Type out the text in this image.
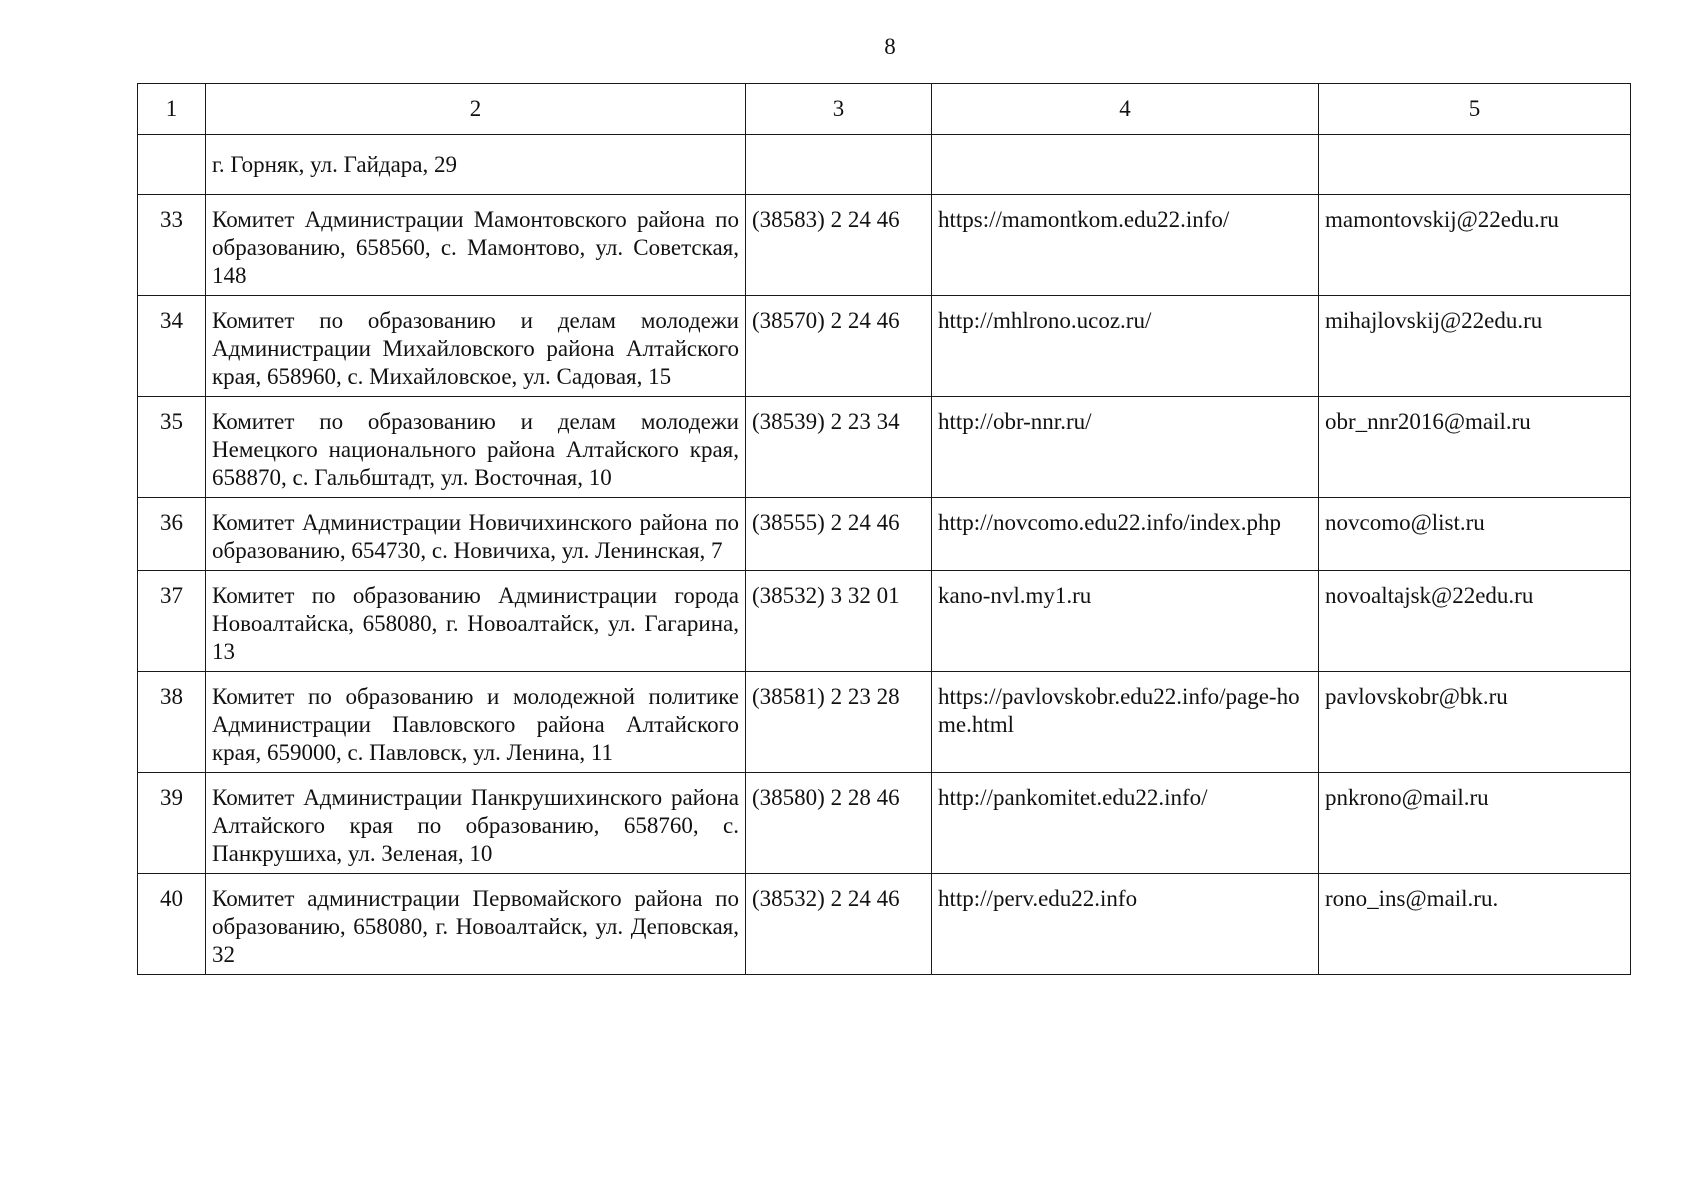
8
1	2	3	4	5
	г. Горняк, ул. Гайдара, 29			
33	Комитет Администрации Мамонтовского района по образованию, 658560, с. Мамонтово, ул. Советская, 148	(38583) 2 24 46	https://mamontkom.edu22.info/	mamontovskij@22edu.ru
34	Комитет по образованию и делам молодежи Администрации Михайловского района Алтайского края, 658960, с. Михайловское, ул. Садовая, 15	(38570) 2 24 46	http://mhlrono.ucoz.ru/	mihajlovskij@22edu.ru
35	Комитет по образованию и делам молодежи Немецкого национального района Алтайского края, 658870, с. Гальбштадт, ул. Восточная, 10	(38539) 2 23 34	http://obr-nnr.ru/	obr_nnr2016@mail.ru
36	Комитет Администрации Новичихинского района по образованию, 654730, с. Новичиха, ул. Ленинская, 7	(38555) 2 24 46	http://novcomo.edu22.info/index.php	novcomo@list.ru
37	Комитет по образованию Администрации города Новоалтайска, 658080, г. Новоалтайск, ул. Гагарина, 13	(38532) 3 32 01	kano-nvl.my1.ru	novoaltajsk@22edu.ru
38	Комитет по образованию и молодежной политике Администрации Павловского района Алтайского края, 659000, с. Павловск, ул. Ленина, 11	(38581) 2 23 28	https://pavlovskobr.edu22.info/page-home.html	pavlovskobr@bk.ru
39	Комитет Администрации Панкрушихинского района Алтайского края по образованию, 658760, с. Панкрушиха, ул. Зеленая, 10	(38580) 2 28 46	http://pankomitet.edu22.info/	pnkrono@mail.ru
40	Комитет администрации Первомайского района по образованию, 658080, г. Новоалтайск, ул. Деповская, 32	(38532) 2 24 46	http://perv.edu22.info	rono_ins@mail.ru.
